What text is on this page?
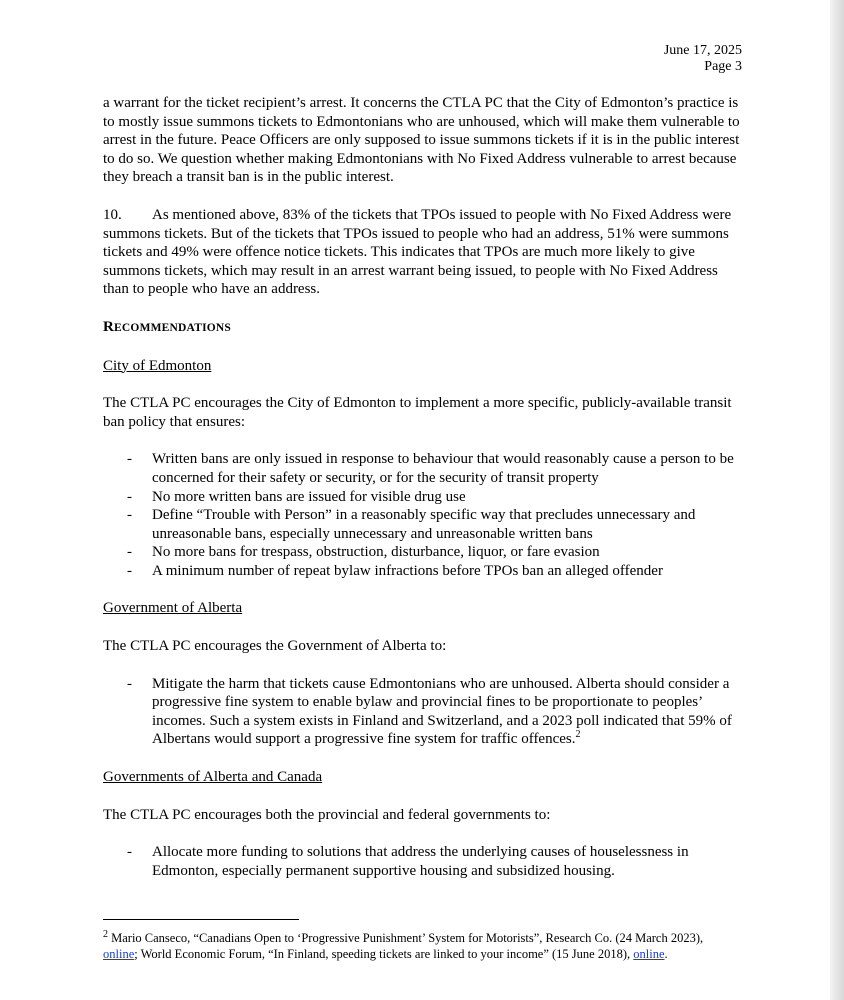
June 17, 2025
Page 3

a warrant for the ticket recipient’s arrest. It concerns the CTLA PC that the City of Edmonton’s practice is to mostly issue summons tickets to Edmontonians who are unhoused, which will make them vulnerable to arrest in the future. Peace Officers are only supposed to issue summons tickets if it is in the public interest to do so. We question whether making Edmontonians with No Fixed Address vulnerable to arrest because they breach a transit ban is in the public interest.

10. As mentioned above, 83% of the tickets that TPOs issued to people with No Fixed Address were summons tickets. But of the tickets that TPOs issued to people who had an address, 51% were summons tickets and 49% were offence notice tickets. This indicates that TPOs are much more likely to give summons tickets, which may result in an arrest warrant being issued, to people with No Fixed Address than to people who have an address.

RECOMMENDATIONS

City of Edmonton

The CTLA PC encourages the City of Edmonton to implement a more specific, publicly-available transit ban policy that ensures:

- Written bans are only issued in response to behaviour that would reasonably cause a person to be concerned for their safety or security, or for the security of transit property
- No more written bans are issued for visible drug use
- Define “Trouble with Person” in a reasonably specific way that precludes unnecessary and unreasonable bans, especially unnecessary and unreasonable written bans
- No more bans for trespass, obstruction, disturbance, liquor, or fare evasion
- A minimum number of repeat bylaw infractions before TPOs ban an alleged offender

Government of Alberta

The CTLA PC encourages the Government of Alberta to:

- Mitigate the harm that tickets cause Edmontonians who are unhoused. Alberta should consider a progressive fine system to enable bylaw and provincial fines to be proportionate to peoples’ incomes. Such a system exists in Finland and Switzerland, and a 2023 poll indicated that 59% of Albertans would support a progressive fine system for traffic offences.$^2$

Governments of Alberta and Canada

The CTLA PC encourages both the provincial and federal governments to:

- Allocate more funding to solutions that address the underlying causes of houselessness in Edmonton, especially permanent supportive housing and subsidized housing.
$^2$ Mario Canseco, “Canadians Open to ‘Progressive Punishment’ System for Motorists”, Research Co. (24 March 2023), online; World Economic Forum, “In Finland, speeding tickets are linked to your income” (15 June 2018), online.
